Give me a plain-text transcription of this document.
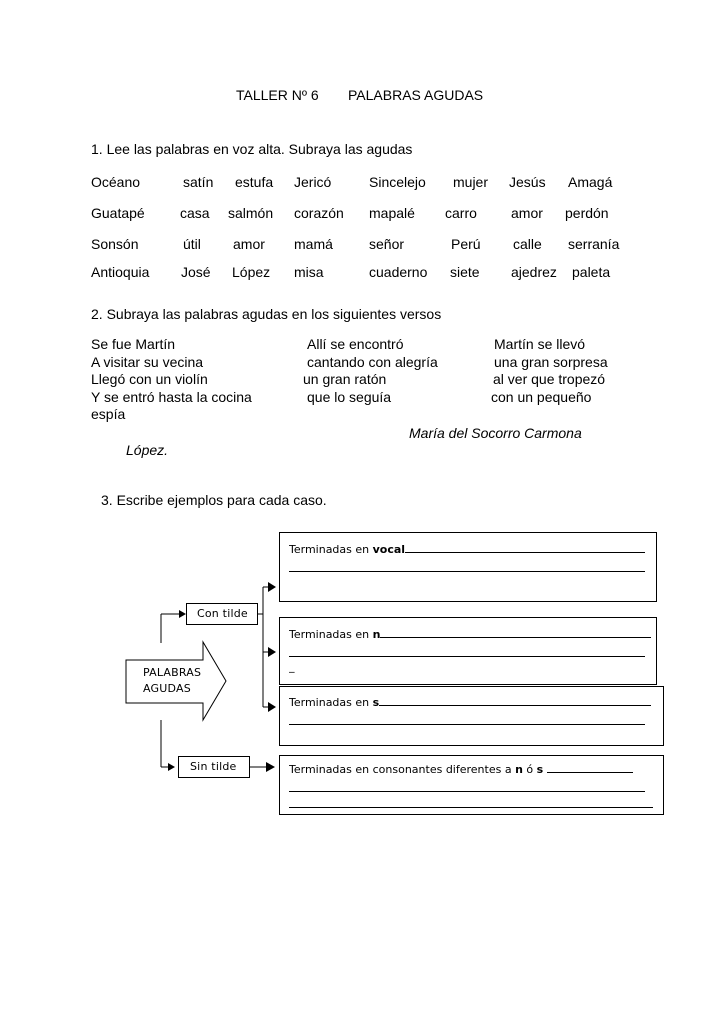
TALLER Nº 6 PALABRAS AGUDAS
1. Lee las palabras en voz alta. Subraya las agudas
Océano	satín estufa Jericó	Sincelejo mujer Jesús Amagá
Guatapé	casa salmón corazón mapalé carro amor perdón
Sonsón	útil amor mamá	señor	Perú calle serranía
Antioquia José López misa	cuaderno siete ajedrez paleta
2. Subraya las palabras agudas en los siguientes versos
Se fue Martín
A visitar su vecina
Llegó con un violín
Y se entró hasta la cocina
espía
Allí se encontró
cantando con alegría
un gran ratón
que lo seguía
Martín se llevó
una gran sorpresa
al ver que tropezó
con un pequeño
María del Socorro Carmona
López.
3. Escribe ejemplos para cada caso.
PALABRAS AGUDAS
Con tilde
Sin tilde
Terminadas en vocal
Terminadas en n
_
Terminadas en s
Terminadas en consonantes diferentes a n ó s
